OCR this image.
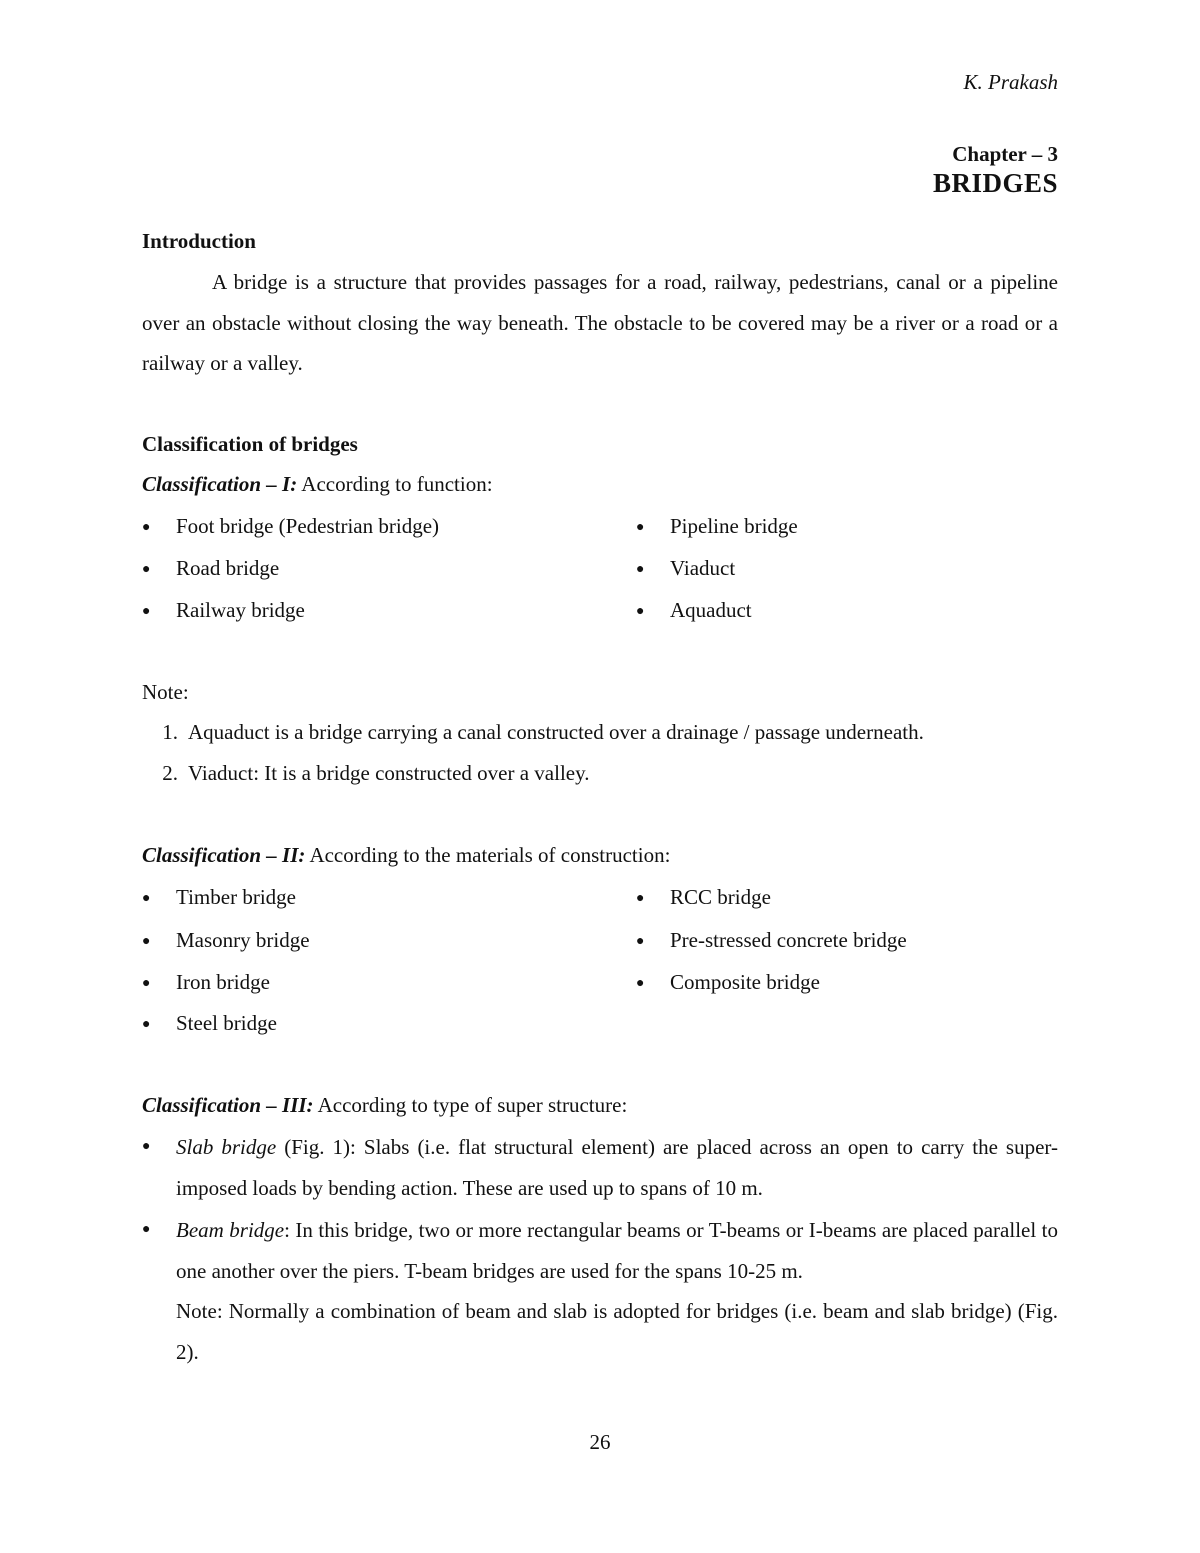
K. Prakash
Chapter – 3
BRIDGES
Introduction

A bridge is a structure that provides passages for a road, railway, pedestrians, canal or a pipeline over an obstacle without closing the way beneath. The obstacle to be covered may be a river or a road or a railway or a valley.

Classification of bridges
Classification – I: According to function:
● Foot bridge (Pedestrian bridge)
● Road bridge
● Railway bridge
● Pipeline bridge
● Viaduct
● Aquaduct
Note:
1. Aquaduct is a bridge carrying a canal constructed over a drainage / passage underneath.
2. Viaduct: It is a bridge constructed over a valley.
Classification – II: According to the materials of construction:
● Timber bridge
● Masonry bridge
● Iron bridge
● Steel bridge
● RCC bridge
● Pre-stressed concrete bridge
● Composite bridge
Classification – III: According to type of super structure:
● Slab bridge (Fig. 1): Slabs (i.e. flat structural element) are placed across an open to carry the super-imposed loads by bending action. These are used up to spans of 10 m.
● Beam bridge: In this bridge, two or more rectangular beams or T-beams or I-beams are placed parallel to one another over the piers. T-beam bridges are used for the spans 10-25 m.
Note: Normally a combination of beam and slab is adopted for bridges (i.e. beam and slab bridge) (Fig. 2).
26
